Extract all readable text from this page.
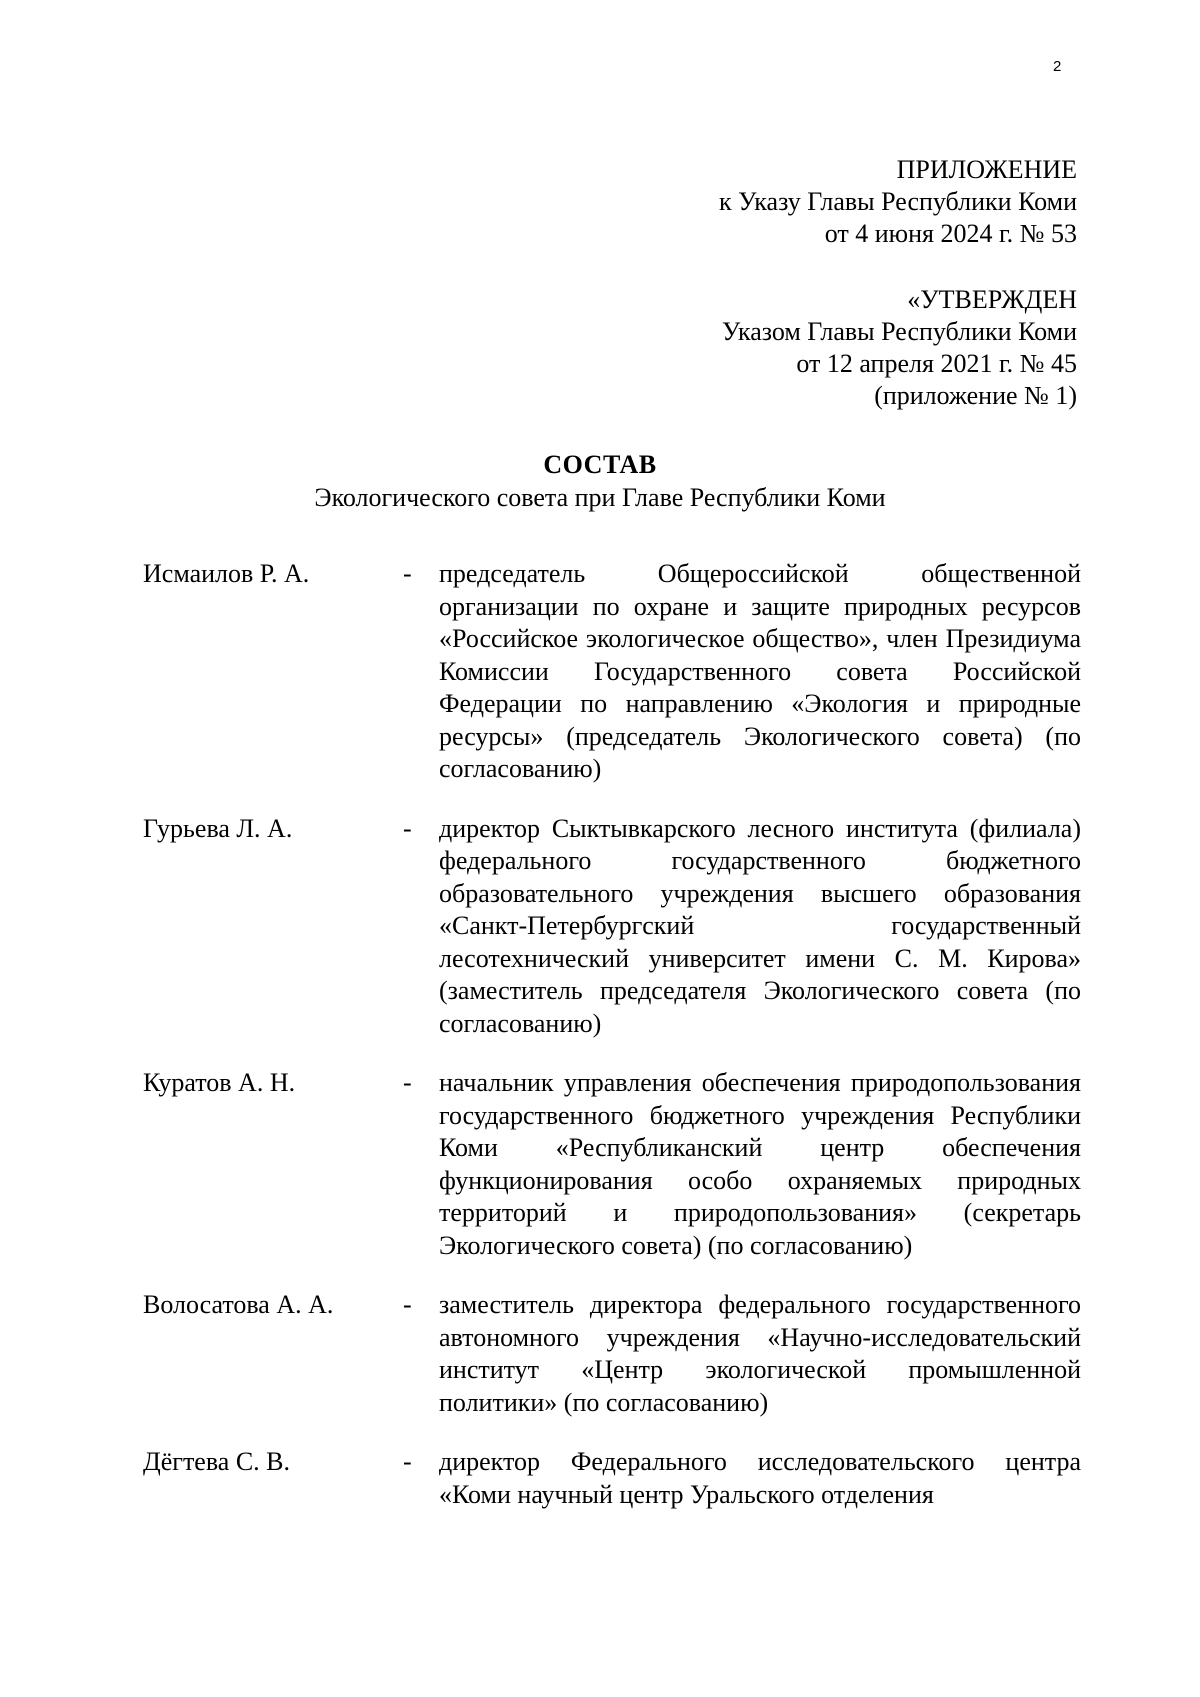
2
ПРИЛОЖЕНИЕ
к Указу Главы Республики Коми
от 4 июня 2024 г. № 53
«УТВЕРЖДЕН
Указом Главы Республики Коми
от 12 апреля 2021 г. № 45
(приложение № 1)
СОСТАВ
Экологического совета при Главе Республики Коми
Исмаилов Р. А.	-	председатель Общероссийской общественной организации по охране и защите природных ресурсов «Российское экологическое общество», член Президиума Комиссии Государственного совета Российской Федерации по направлению «Экология и природные ресурсы» (председатель Экологического совета) (по согласованию)
Гурьева Л. А.	-	директор Сыктывкарского лесного института (филиала) федерального государственного бюджетного образовательного учреждения высшего образования «Санкт-Петербургский государственный лесотехнический университет имени С. М. Кирова» (заместитель председателя Экологического совета (по согласованию)
Куратов А. Н.	-	начальник управления обеспечения природопользования государственного бюджетного учреждения Республики Коми «Республиканский центр обеспечения функционирования особо охраняемых природных территорий и природопользования» (секретарь Экологического совета) (по согласованию)
Волосатова А. А.	-	заместитель директора федерального государственного автономного учреждения «Научно-исследовательский институт «Центр экологической промышленной политики» (по согласованию)
Дёгтева С. В.	-	директор Федерального исследовательского центра «Коми научный центр Уральского отделения
